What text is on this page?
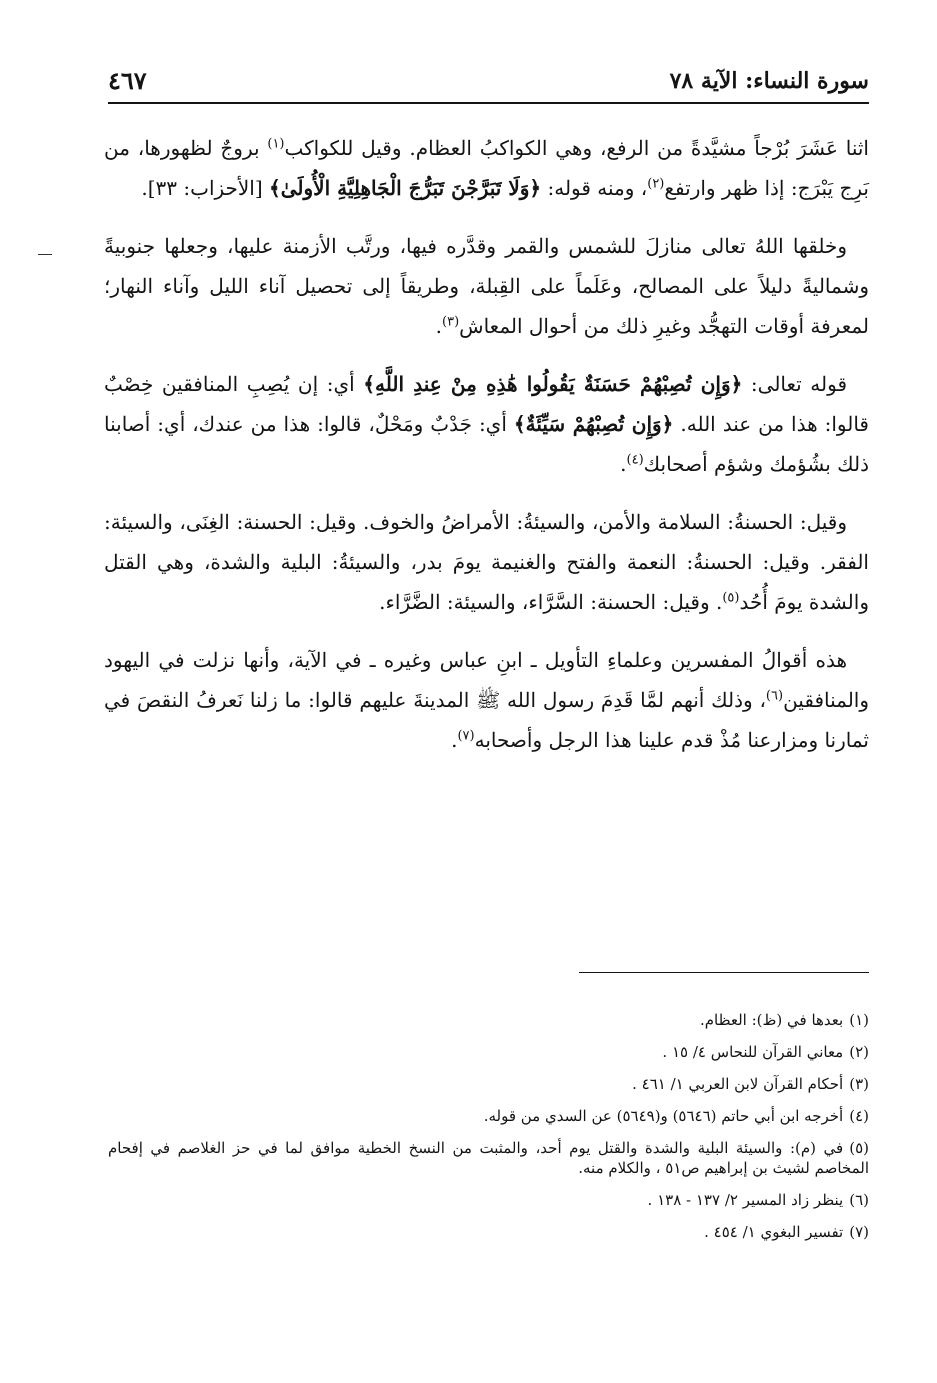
سورة النساء: الآية ٧٨
٤٦٧

اثنا عَشَرَ بُرْجاً مشيَّدةً من الرفع، وهي الكواكبُ العظام. وقيل للكواكب$^{(١)}$ بروجٌ لظهورها، من بَرِج يَبْرَج: إذا ظهر وارتفع$^{(٢)}$، ومنه قوله: ﴿وَلَا تَبَرَّجْنَ تَبَرُّجَ الْجَاهِلِيَّةِ الْأُولَىٰ﴾ [الأحزاب: ٣٣].

وخلقها اللهُ تعالى منازلَ للشمس والقمر وقدَّره فيها، ورتَّب الأزمنة عليها، وجعلها جنوبيةً وشماليةً دليلاً على المصالح، وعَلَماً على القِبلة، وطريقاً إلى تحصيل آناء الليل وآناء النهار؛ لمعرفة أوقات التهجُّد وغيرِ ذلك من أحوال المعاش$^{(٣)}$.

قوله تعالى: ﴿وَإِن تُصِبْهُمْ حَسَنَةٌ يَقُولُوا هَٰذِهِ مِنْ عِندِ اللَّهِ﴾ أي: إن يُصِبِ المنافقين خِصْبٌ قالوا: هذا من عند الله. ﴿وَإِن تُصِبْهُمْ سَيِّئَةٌ﴾ أي: جَدْبٌ ومَحْلٌ، قالوا: هذا من عندك، أي: أصابنا ذلك بشُؤمك وشؤم أصحابك$^{(٤)}$.

وقيل: الحسنةُ: السلامة والأمن، والسيئةُ: الأمراضُ والخوف. وقيل: الحسنة: الغِنَى، والسيئة: الفقر. وقيل: الحسنةُ: النعمة والفتح والغنيمة يومَ بدر، والسيئةُ: البلية والشدة، وهي القتل والشدة يومَ أُحُد$^{(٥)}$. وقيل: الحسنة: السَّرَّاء، والسيئة: الضَّرَّاء.

هذه أقوالُ المفسرين وعلماءِ التأويل ـ ابنِ عباس وغيره ـ في الآية، وأنها نزلت في اليهود والمنافقين$^{(٦)}$، وذلك أنهم لمَّا قَدِمَ رسول الله ﷺ المدينةَ عليهم قالوا: ما زلنا نَعرفُ النقصَ في ثمارنا ومزارعنا مُذْ قدم علينا هذا الرجل وأصحابه$^{(٧)}$.

(١)بعدها في (ظ): العظام.
(٢)معاني القرآن للنحاس ٤/ ١٥ .
(٣)أحكام القرآن لابن العربي ١/ ٤٦١ .
(٤)أخرجه ابن أبي حاتم (٥٦٤٦) و(٥٦٤٩) عن السدي من قوله.
(٥)في (م): والسيئة البلية والشدة والقتل يوم أحد، والمثبت من النسخ الخطية موافق لما في حز الغلاصم في إفحام المخاصم لشيث بن إبراهيم ص٥١ ، والكلام منه.
(٦)ينظر زاد المسير ٢/ ١٣٧ - ١٣٨ .
(٧)تفسير البغوي ١/ ٤٥٤ .
